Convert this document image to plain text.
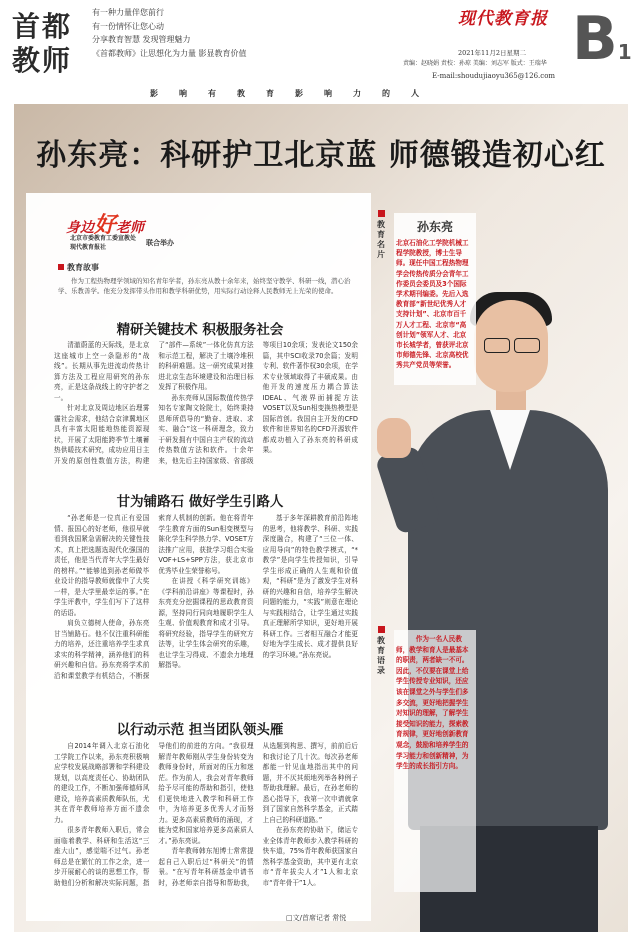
首都教师
有一种力量伴您前行
有一份情怀让您心动
分享教育智慧 发现管理魅力
《首都教师》让思想化为力量 影显教育价值
现代教育报
2021年11月2日星期二
责编：赵晓娟 责校：孙琼 美编：刘志军 版式：王瑞华
E-mail:shoudujiaoyu365@126.com
B1
影响有教育影响力的人
孙东亮：科研护卫北京蓝 师德锻造初心红
身边好老师
北京市委教育工委宣教处
现代教育报社
联合举办
教育故事
作为工程热物理学领域的知名青年学者，孙东亮从教十余年来，始终坚守教学、科研一线，潜心治学、乐教善学。他充分发挥带头作用和教学科研优势，用实际行动诠释人民教师无上光荣的使命。
精研关键技术 积极服务社会

清澈蔚蓝的天际线，是北京这座城市上空一条隐形的“战线”。长期从事先进流动传热计算方法及工程应用研究的孙东亮，正是这条战线上的守护者之一。

针对北京及周边地区治理雾霾社会需求，他结合京津冀地区具有丰富太阳能地热能资源现状，开展了太阳能跨季节土壤蓄热供暖技术研究，成功应用日主开发的原创性数值方法，构建了“部件—系统”一体化仿真方法和示范工程，解决了土壤冷堆积的科研难题。这一研究成果对推进北京生态环境建设和治理目标发挥了积极作用。

孙东亮师从国际数值传热学知名专家陶文铨院士，始终秉持恩师所倡导的“勤奋、进取、求实、融合”这一科研理念，致力于研发拥有中国自主产权的流动传热数值方法和软件。十余年来，他先后主持国家级、省部级等项目10余项；发表论文150余篇，其中SCI收录70余篇；发明专利、软件著作权30余项，在学术专业领域取得了丰硕成果。由他开发的速度压力耦合算法IDEAL、气液界面捕捉方法VOSET以及Sun相变换热模型是国际首创。我国自主开发的CFD软件和世界知名的CFD开源软件都成功植入了孙东亮的科研成果。

甘为铺路石 做好学生引路人

“孙老师是一位真正有爱国情、报国心的好老师，他很早就看到我国紧急需解决的关键性技术，真上把选题选现代化强国的责任，他是当代青年大学生最好的榜样。”“能够追到孙老师做毕业设计的指导教师就像中了大奖一样，是大学里最幸运的事。”在学生评教中，学生们写下了这样的话语。

肩负立德树人使命，孙东亮甘当铺路石。他不仅注重科研能力的培养，还注重培养学生求真求实的科学精神，涵养他们的科研兴趣和自信。孙东亮将学术前沿和课堂教学有机结合，不断探索育人机制的创新。他在将青年学生教育方面的Sun相变模型与陈化学生科学热力学、VOSET方法推广应用，获批学习组合实验VOF+LS+SPP方法，获北京市优秀毕业生荣誉称号。

在讲授《科学研究训练》《学科前沿讲座》等课程时，孙东亮充分挖掘课程的思政教育资源，坚持同行同向地履职学生人生观、价值观教育和成才引导。将研究经验，指导学生的研究方法等，让学生体会研究的乐趣，也让学生习得成、不遗余力地理解指导。

基于多年深耕教育前沿阵地的思考，他将教学、科研、实践深度融合，构建了“三位一体、应用导向”的特色教学模式，“*教学”是向学生传授知识，引导学生形成正确的人生观和价值观，“科研”是为了激发学生对科研的兴趣和自信，培养学生解决问题的能力，“实践”则意在理论与实践相结合，让学生通过实践真正理解所学知识，更好地开展科研工作。三者相互融合才能更好地为学生成长、成才提供良好的学习环境。”孙东亮说。

以行动示范 担当团队领头雁

自2014年调入北京石油化工学院工作以来，孙东亮积极响应学校发展战略部署和学科建设规划，以高度责任心、协助团队的建设工作，不断加强师德师风建设，培养高素质教师队伍，尤其在青年教师培养方面不遗余力。

很多青年教师入职后，常会面临着教学、科研和生活这“三座大山”，感觉喘不过气。孙老师总是在繁忙的工作之余，进一步开展耐心的谈的思想工作，帮助他们分析和解决实际问题，指导他们的前进的方向。“我很理解青年教师刚从学生身份转变为教师身份时，所面对的压力和迷茫。作为前人，我会对青年教师给予尽可能的帮助和指引，使他们更快地进入教学和科研工作中，为培养更多优秀人才而努力。更多高素质教师的涌现，才能为党和国家培养更多高素质人才。”孙东亮说。

青年教师韩东旭博士常常提起自己入职后过“科研关”的情景。“在写青年科研基金申请书时，孙老师亲自指导和帮助我，从选题到构思、撰写，前前后后和我讨论了几十次。每次孙老师都能一针见血地指出其中的问题，并不厌其烦地列举各种例子帮助我理解。最后，在孙老师的悉心指导下，我第一次申请就拿到了国家自然科学基金，正式踏上自己的科研道路。”

在孙东亮的协助下，储运专业全体青年教师步入教学科研的快车道，75%青年教师获国家自然科学基金资助，其中更有北京市“青年拔尖人才”1人和北京市“青年骨干”1人。

□文/首席记者 常悦
教育名片
孙东亮
北京石油化工学院机械工程学院教授，博士生导师。现任中国工程热物理学会传热传质分会青年工作委员会委员及3个国际学术期刊编委。先后入选教育部“新世纪优秀人才支持计划”、北京市百千万人才工程、北京市“高创计划”领军人才、北京市长城学者，曾获评北京市师德先锋、北京高校优秀共产党员等荣誉。
教育语录
作为一名人民教师，教学和育人是最基本的职责，两者缺一不可。因此，不仅要在课堂上给学生传授专业知识，还应该在课堂之外与学生们多多交流，更好地把握学生对知识的理解，了解学生接受知识的能力，探索教育规律，更好地创新教育观念，鼓励和培养学生的学习能力和创新精神，为学生的成长指引方向。
